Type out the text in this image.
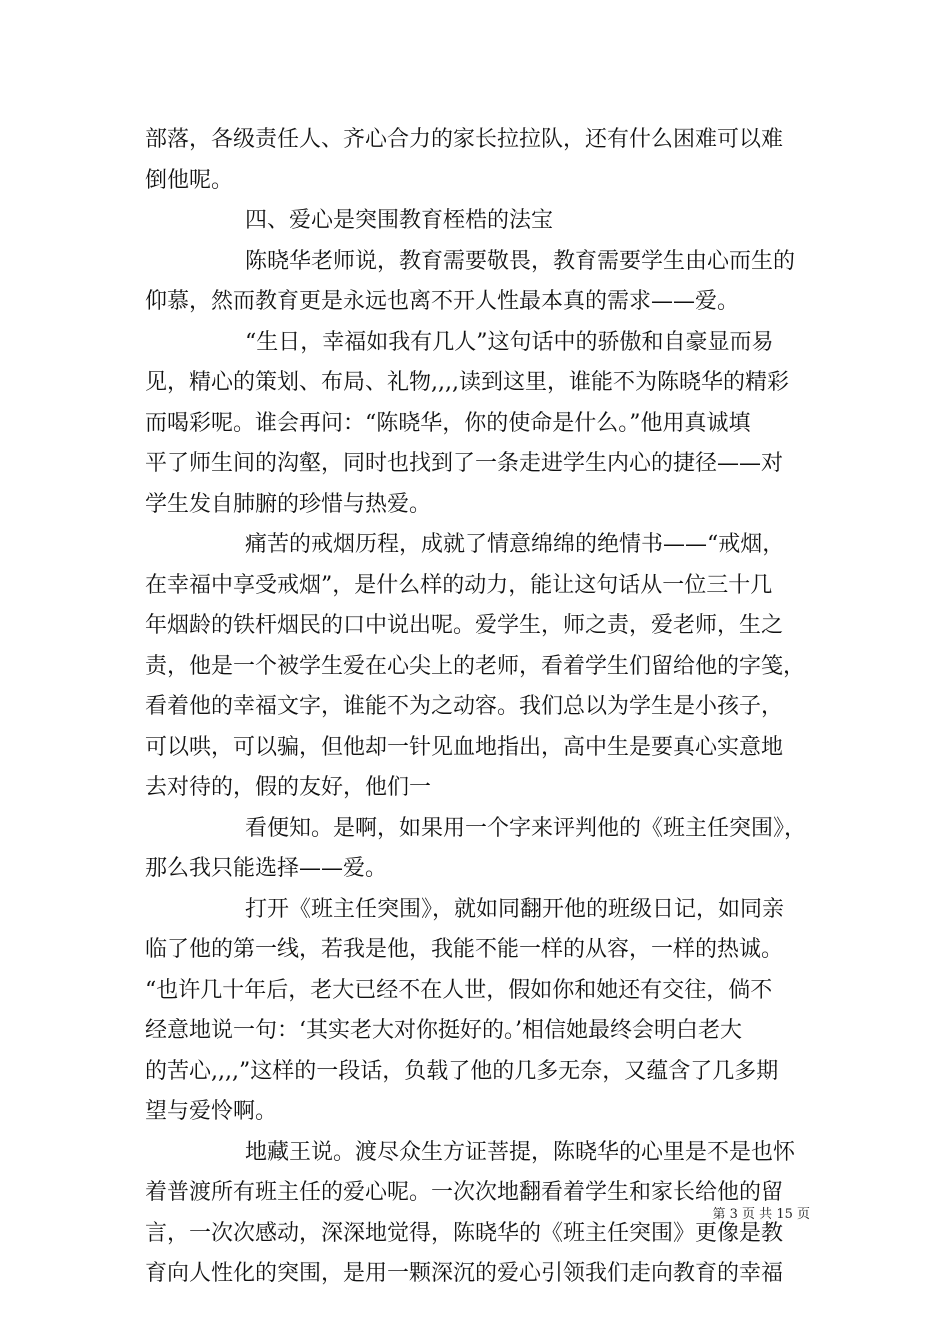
部落，各级责任人、齐心合力的家长拉拉队，还有什么困难可以难
倒他呢。
四、爱心是突围教育桎梏的法宝
陈晓华老师说，教育需要敬畏，教育需要学生由心而生的
仰慕，然而教育更是永远也离不开人性最本真的需求——爱。
“生日，幸福如我有几人”这句话中的骄傲和自豪显而易
见，精心的策划、布局、礼物,,,,读到这里，谁能不为陈晓华的精彩
而喝彩呢。谁会再问：“陈晓华，你的使命是什么。”他用真诚填
平了师生间的沟壑，同时也找到了一条走进学生内心的捷径——对
学生发自肺腑的珍惜与热爱。
痛苦的戒烟历程，成就了情意绵绵的绝情书——“戒烟，
在幸福中享受戒烟”，是什么样的动力，能让这句话从一位三十几
年烟龄的铁杆烟民的口中说出呢。爱学生，师之责，爱老师，生之
责，他是一个被学生爱在心尖上的老师，看着学生们留给他的字笺，
看着他的幸福文字，谁能不为之动容。我们总以为学生是小孩子，
可以哄，可以骗，但他却一针见血地指出，高中生是要真心实意地
去对待的，假的友好，他们一
看便知。是啊，如果用一个字来评判他的《班主任突围》，
那么我只能选择——爱。
打开《班主任突围》，就如同翻开他的班级日记，如同亲
临了他的第一线，若我是他，我能不能一样的从容，一样的热诚。
“也许几十年后，老大已经不在人世，假如你和她还有交往，倘不
经意地说一句：‘其实老大对你挺好的。’相信她最终会明白老大
的苦心,,,,”这样的一段话，负载了他的几多无奈，又蕴含了几多期
望与爱怜啊。
地藏王说。渡尽众生方证菩提，陈晓华的心里是不是也怀
着普渡所有班主任的爱心呢。一次次地翻看着学生和家长给他的留
言，一次次感动，深深地觉得，陈晓华的《班主任突围》更像是教
育向人性化的突围，是用一颗深沉的爱心引领我们走向教育的幸福
第 3 页 共 15 页
